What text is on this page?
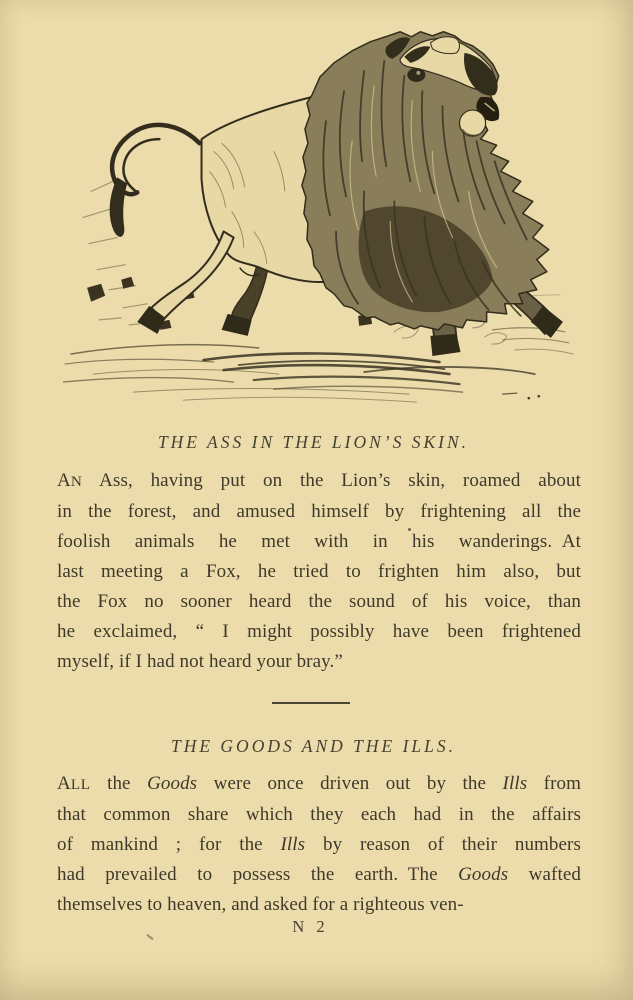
THE ASS IN THE LION’S SKIN.
AN Ass, having put on the Lion’s skin, roamed about
in the forest, and amused himself by frightening all the
foolish animals he met with in his wanderings. At
last meeting a Fox, he tried to frighten him also, but
the Fox no sooner heard the sound of his voice, than
he exclaimed, “ I might possibly have been frightened
myself, if I had not heard your bray.”
THE GOODS AND THE ILLS.
ALL the Goods were once driven out by the Ills from
that common share which they each had in the affairs
of mankind ; for the Ills by reason of their numbers
had prevailed to possess the earth. The Goods wafted
themselves to heaven, and asked for a righteous ven-
N 2
